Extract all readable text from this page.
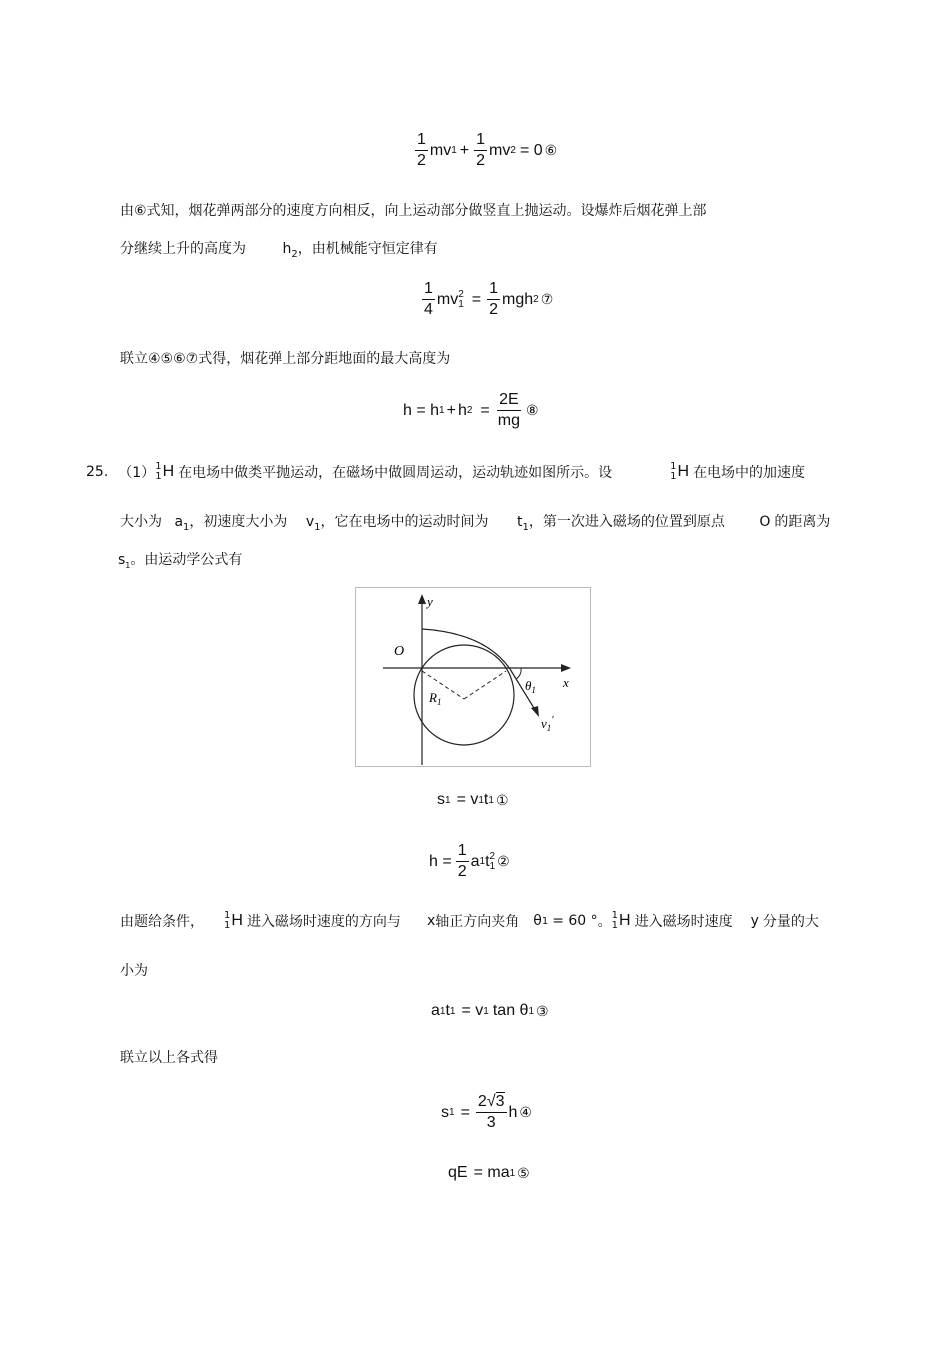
$\frac{1}{2}$ mv $1 + \frac{1}{2}$ mv 2 = 0 ⑥
由⑥式知，烟花弹两部分的速度方向相反，向上运动部分做竖直上抛运动。设爆炸后烟花弹上部
分继续上升的高度为	$h_2$，由机械能守恒定律有
$\frac{1}{4}$ mv 2
$1 = \frac{1}{2}$ mgh 2 ⑦
联立④⑤⑥⑦式得，烟花弹上部分距地面的最大高度为
h = h 1 + h $2 = \frac{2E}{mg}$ ⑧
25. （1） 1
1 H 在电场中做类平抛运动，在磁场中做圆周运动，运动轨迹如图所示。设	1
1 H 在电场中的加速度
大小为 $a_1$，初速度大小为 $v_1$，它在电场中的运动时间为 $t_1$，第一次进入磁场的位置到原点 O 的距离为
$s_1$。由运动学公式有
y
x
O
$R_1$
$\theta_1$
$v_1'$
s 1 = v 1 t 1 ①
$h = \frac{1}{2}$ a 1 t 2
1 ②
由题给条件， 1
1 H 进入磁场时速度的方向与 x 轴正方向夹角 θ 1 = 60 ° 。 1
1 H 进入磁场时速度 y 分量的大
小为
a 1 t 1 = v 1 tan θ 1 ③
联立以上各式得
s $1 = \frac{2√3}{3}$ h ④
qE = ma 1 ⑤
